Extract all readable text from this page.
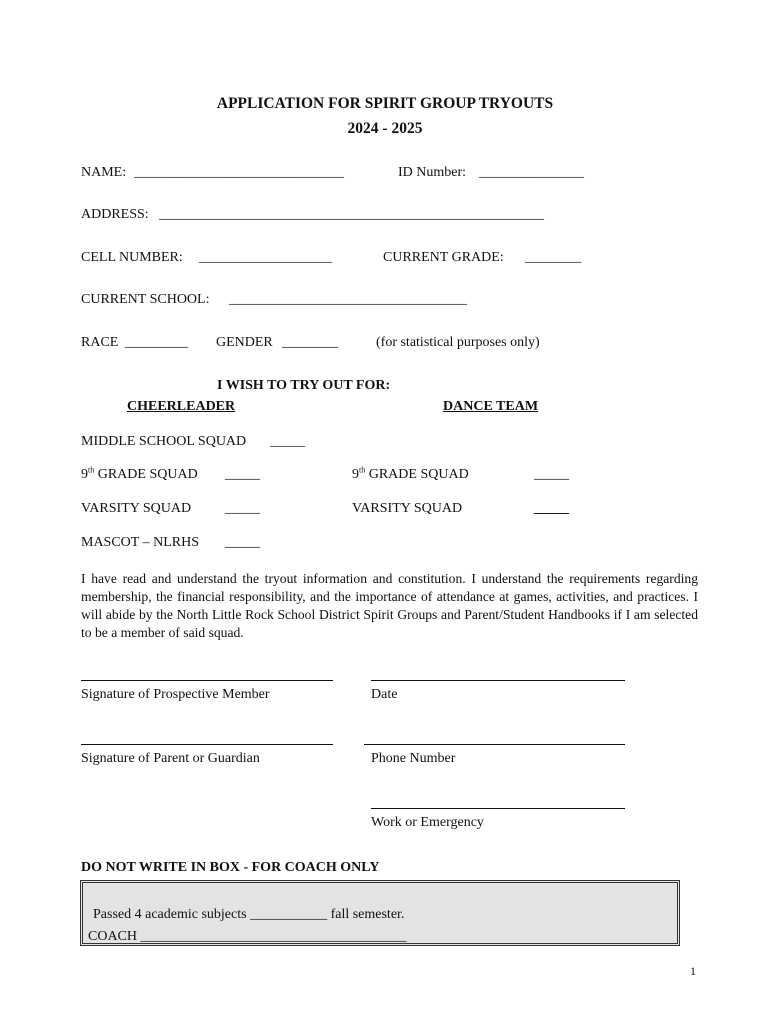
APPLICATION FOR SPIRIT GROUP TRYOUTS
2024 - 2025
NAME: ______________________________	ID Number: _______________
ADDRESS: _______________________________________________________
CELL NUMBER: ___________________	CURRENT GRADE: ________
CURRENT SCHOOL: __________________________________
RACE _________ GENDER ________	(for statistical purposes only)
I WISH TO TRY OUT FOR:
CHEERLEADER	DANCE TEAM
MIDDLE SCHOOL SQUAD _____
9th GRADE SQUAD _____	9th GRADE SQUAD	_____
VARSITY SQUAD _____	VARSITY SQUAD	_____
MASCOT – NLRHS _____
I have read and understand the tryout information and constitution. I understand the requirements regarding membership, the financial responsibility, and the importance of attendance at games, activities, and practices. I will abide by the North Little Rock School District Spirit Groups and Parent/Student Handbooks if I am selected to be a member of said squad.
Signature of Prospective Member	Date
Signature of Parent or Guardian	Phone Number
Work or Emergency
DO NOT WRITE IN BOX - FOR COACH ONLY
Passed 4 academic subjects ___________ fall semester.
COACH ______________________________________
1
